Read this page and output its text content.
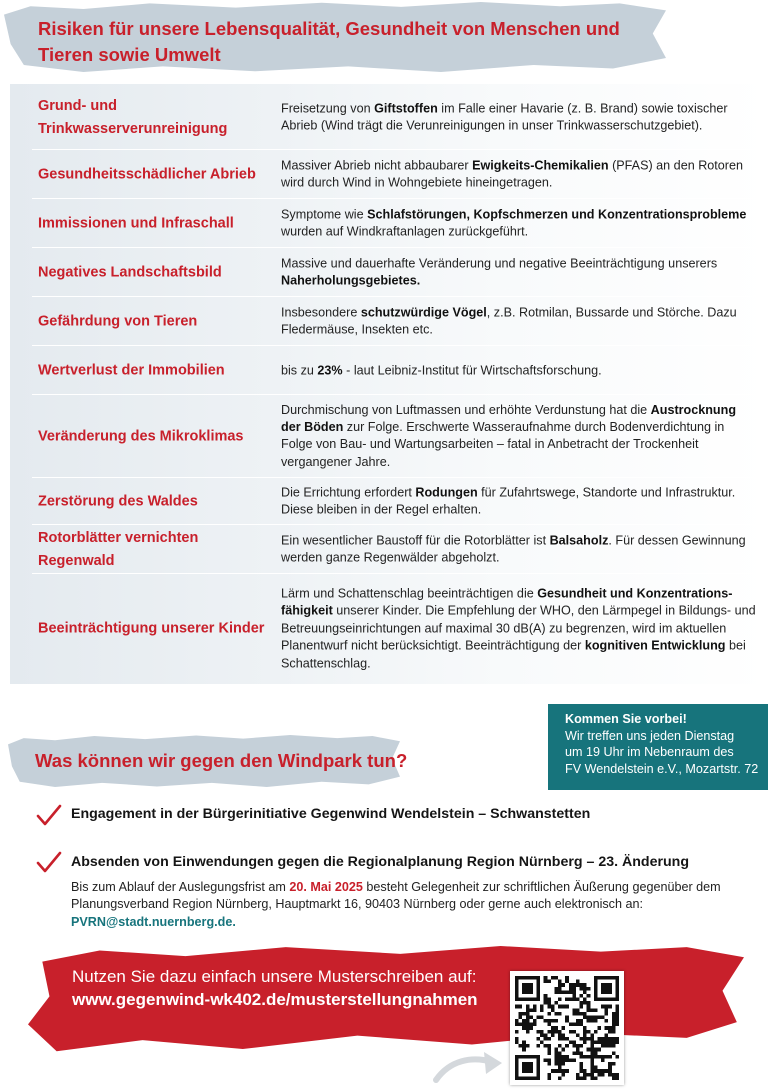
Risiken für unsere Lebensqualität, Gesundheit von Menschen und Tieren sowie Umwelt
Grund- und Trinkwasserverunreinigung
Freisetzung von Giftstoffen im Falle einer Havarie (z. B. Brand) sowie toxischer Abrieb (Wind trägt die Verunreinigungen in unser Trinkwasserschutzgebiet).
Gesundheitsschädlicher Abrieb
Massiver Abrieb nicht abbaubarer Ewigkeits-Chemikalien (PFAS) an den Rotoren wird durch Wind in Wohngebiete hineingetragen.
Immissionen und Infraschall
Symptome wie Schlafstörungen, Kopfschmerzen und Konzentrationsprobleme wurden auf Windkraftanlagen zurückgeführt.
Negatives Landschaftsbild
Massive und dauerhafte Veränderung und negative Beeinträchtigung unserers Naherholungsgebietes.
Gefährdung von Tieren
Insbesondere schutzwürdige Vögel, z.B. Rotmilan, Bussarde und Störche. Dazu Fledermäuse, Insekten etc.
Wertverlust der Immobilien	bis zu 23% - laut Leibniz-Institut für Wirtschaftsforschung.
Veränderung des Mikroklimas
Durchmischung von Luftmassen und erhöhte Verdunstung hat die Austrocknung der Böden zur Folge. Erschwerte Wasseraufnahme durch Bodenverdichtung in Folge von Bau- und Wartungsarbeiten – fatal in Anbetracht der Trockenheit vergangener Jahre.
Zerstörung des Waldes
Die Errichtung erfordert Rodungen für Zufahrtswege, Standorte und Infrastruktur. Diese bleiben in der Regel erhalten.
Rotorblätter vernichten Regenwald
Ein wesentlicher Baustoff für die Rotorblätter ist Balsaholz. Für dessen Gewinnung werden ganze Regenwälder abgeholzt.
Beeinträchtigung unserer Kinder
Lärm und Schattenschlag beeinträchtigen die Gesundheit und Konzentrations-fähigkeit unserer Kinder. Die Empfehlung der WHO, den Lärmpegel in Bildungs- und Betreuungseinrichtungen auf maximal 30 dB(A) zu begrenzen, wird im aktuellen Planentwurf nicht berücksichtigt. Beeinträchtigung der kognitiven Entwicklung bei Schattenschlag.
Kommen Sie vorbei!
Wir treffen uns jeden Dienstag
um 19 Uhr im Nebenraum des
FV Wendelstein e.V., Mozartstr. 72
Was können wir gegen den Windpark tun?
Engagement in der Bürgerinitiative Gegenwind Wendelstein – Schwanstetten
Absenden von Einwendungen gegen die Regionalplanung Region Nürnberg – 23. Änderung
Bis zum Ablauf der Auslegungsfrist am 20. Mai 2025 besteht Gelegenheit zur schriftlichen Äußerung gegenüber dem Planungsverband Region Nürnberg, Hauptmarkt 16, 90403 Nürnberg oder gerne auch elektronisch an:
PVRN@stadt.nuernberg.de.
Nutzen Sie dazu einfach unsere Musterschreiben auf:
www.gegenwind-wk402.de/musterstellungnahmen
